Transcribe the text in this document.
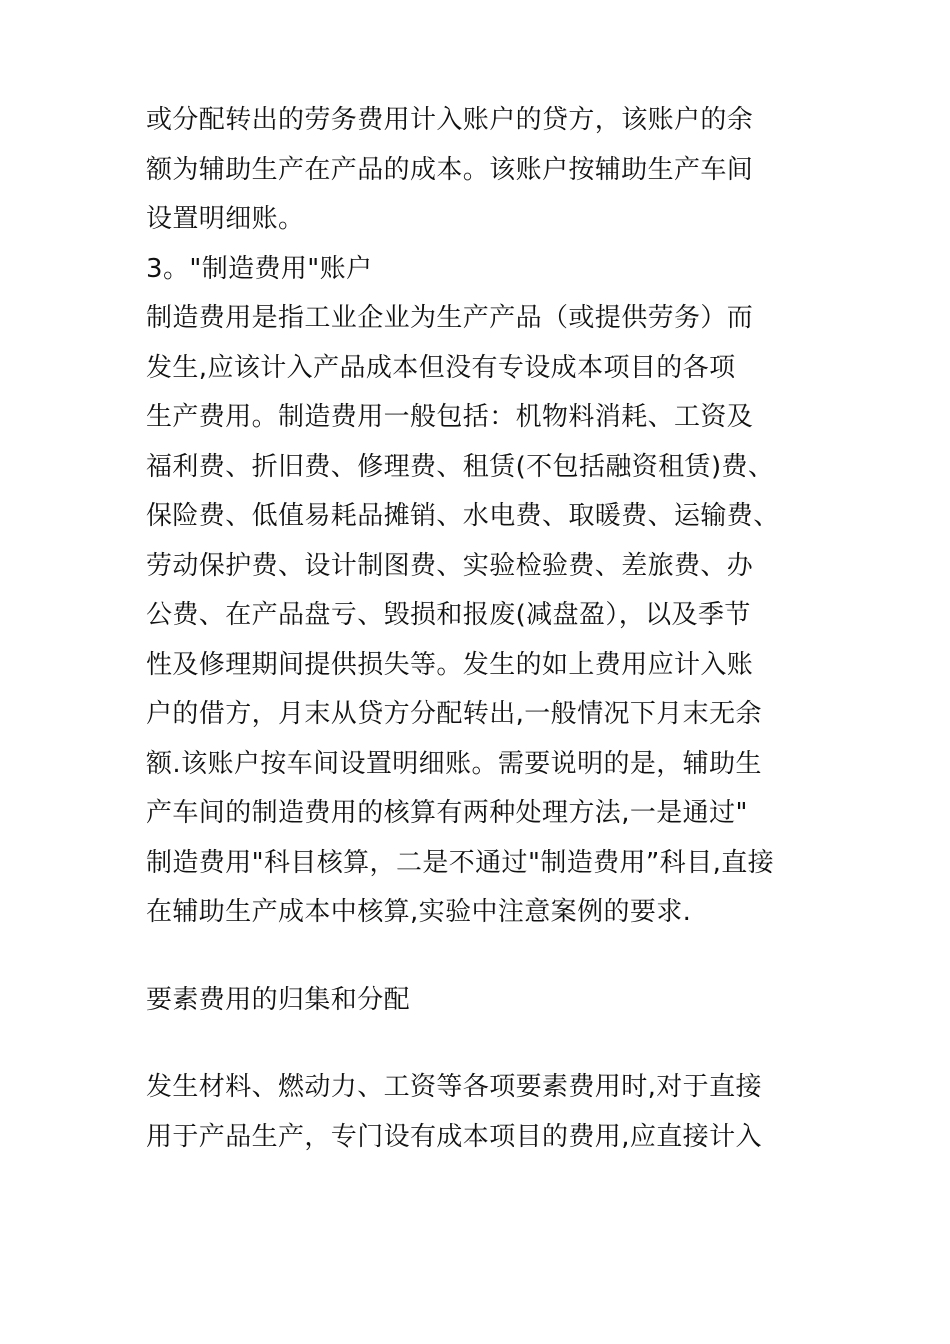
或分配转出的劳务费用计入账户的贷方，该账户的余
额为辅助生产在产品的成本。该账户按辅助生产车间
设置明细账。
3。"制造费用"账户
制造费用是指工业企业为生产产品（或提供劳务）而
发生,应该计入产品成本但没有专设成本项目的各项
生产费用。制造费用一般包括：机物料消耗、工资及
福利费、折旧费、修理费、租赁(不包括融资租赁)费、
保险费、低值易耗品摊销、水电费、取暖费、运输费、
劳动保护费、设计制图费、实验检验费、差旅费、办
公费、在产品盘亏、毁损和报废(减盘盈），以及季节
性及修理期间提供损失等。发生的如上费用应计入账
户的借方，月末从贷方分配转出,一般情况下月末无余
额.该账户按车间设置明细账。需要说明的是，辅助生
产车间的制造费用的核算有两种处理方法,一是通过"
制造费用"科目核算，二是不通过"制造费用”科目,直接
在辅助生产成本中核算,实验中注意案例的要求.
要素费用的归集和分配
发生材料、燃动力、工资等各项要素费用时,对于直接
用于产品生产，专门设有成本项目的费用,应直接计入
